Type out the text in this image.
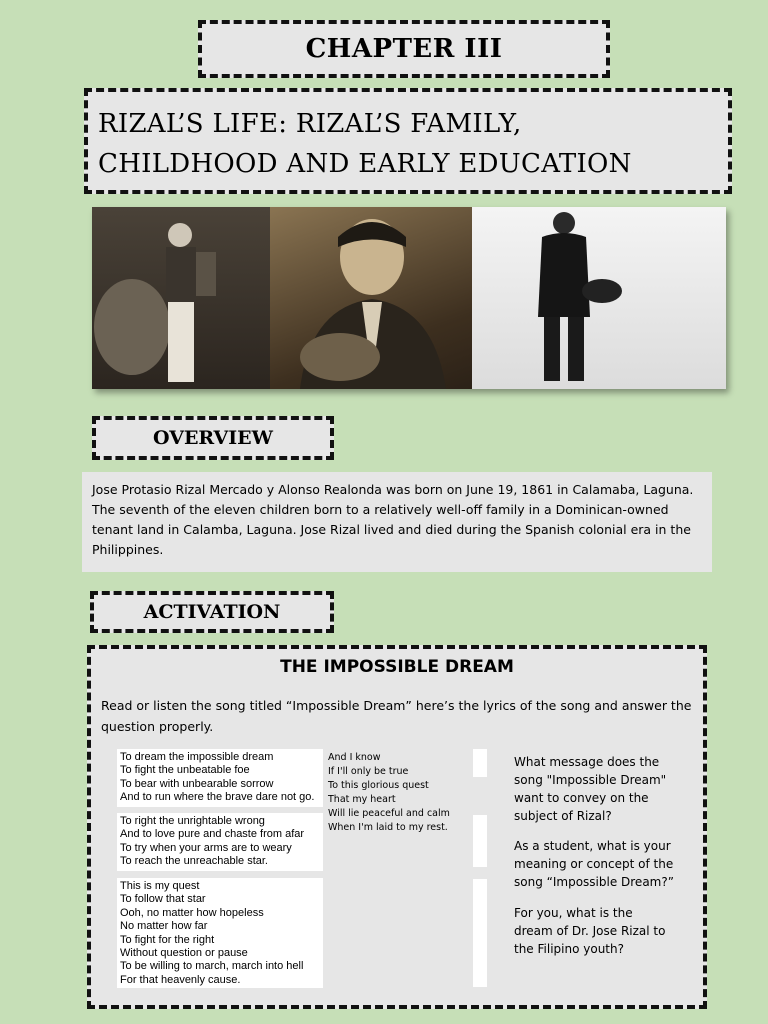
CHAPTER III
RIZAL’S LIFE: RIZAL’S FAMILY,
CHILDHOOD AND EARLY EDUCATION
OVERVIEW
Jose Protasio Rizal Mercado y Alonso Realonda was born on June 19, 1861 in Calamaba, Laguna. The seventh of the eleven children born to a relatively well-off family in a Dominican-owned tenant land in Calamba, Laguna. Jose Rizal lived and died during the Spanish colonial era in the Philippines.
ACTIVATION
THE IMPOSSIBLE DREAM
Read or listen the song titled “Impossible Dream” here’s the lyrics of the song and answer the question properly.
To dream the impossible dream
To fight the unbeatable foe
To bear with unbearable sorrow
And to run where the brave dare not go.
To right the unrightable wrong
And to love pure and chaste from afar
To try when your arms are to weary
To reach the unreachable star.
This is my quest
To follow that star
Ooh, no matter how hopeless
No matter how far
To fight for the right
Without question or pause
To be willing to march, march into hell
For that heavenly cause.
And I know
If I'll only be true
To this glorious quest
That my heart
Will lie peaceful and calm
When I'm laid to my rest.
What message does the song "Impossible Dream" want to convey on the subject of Rizal?
As a student, what is your meaning or concept of the song “Impossible Dream?”
For you, what is the dream of Dr. Jose Rizal to the Filipino youth?
